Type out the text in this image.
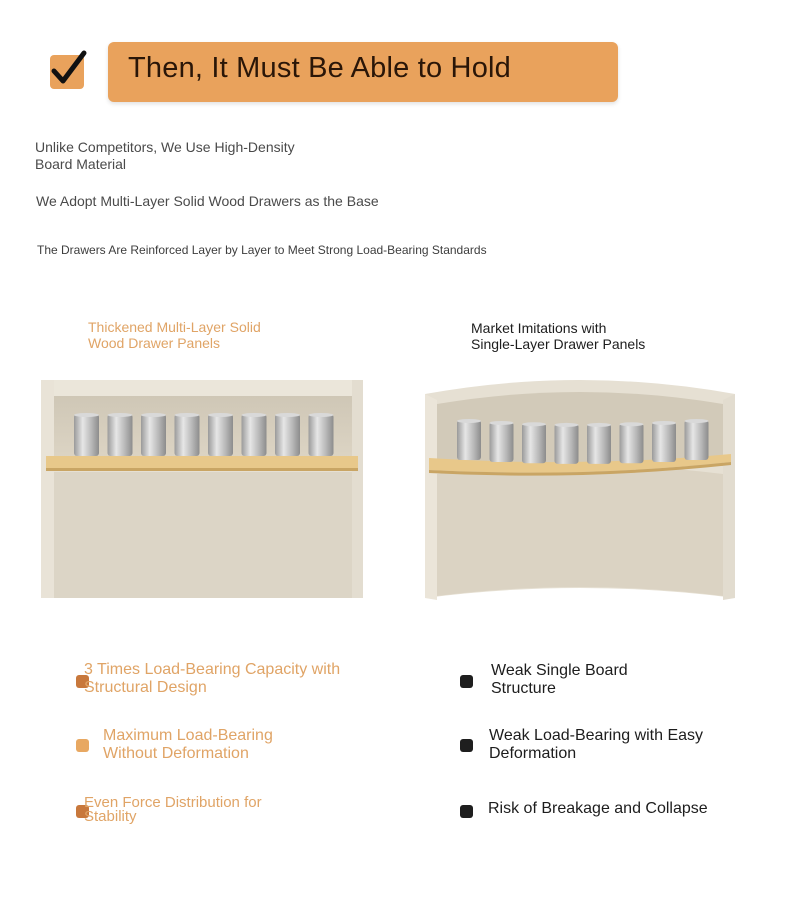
Then, It Must Be Able to Hold
Unlike Competitors, We Use High-Density
Board Material
We Adopt Multi-Layer Solid Wood Drawers as the Base
The Drawers Are Reinforced Layer by Layer to Meet Strong Load-Bearing Standards
Thickened Multi-Layer Solid
Wood Drawer Panels
Market Imitations with
Single-Layer Drawer Panels
3 Times Load-Bearing Capacity with
Structural Design
Maximum Load-Bearing
Without Deformation
Even Force Distribution for
Stability
Weak Single Board
Structure
Weak Load-Bearing with Easy
Deformation
Risk of Breakage and Collapse
